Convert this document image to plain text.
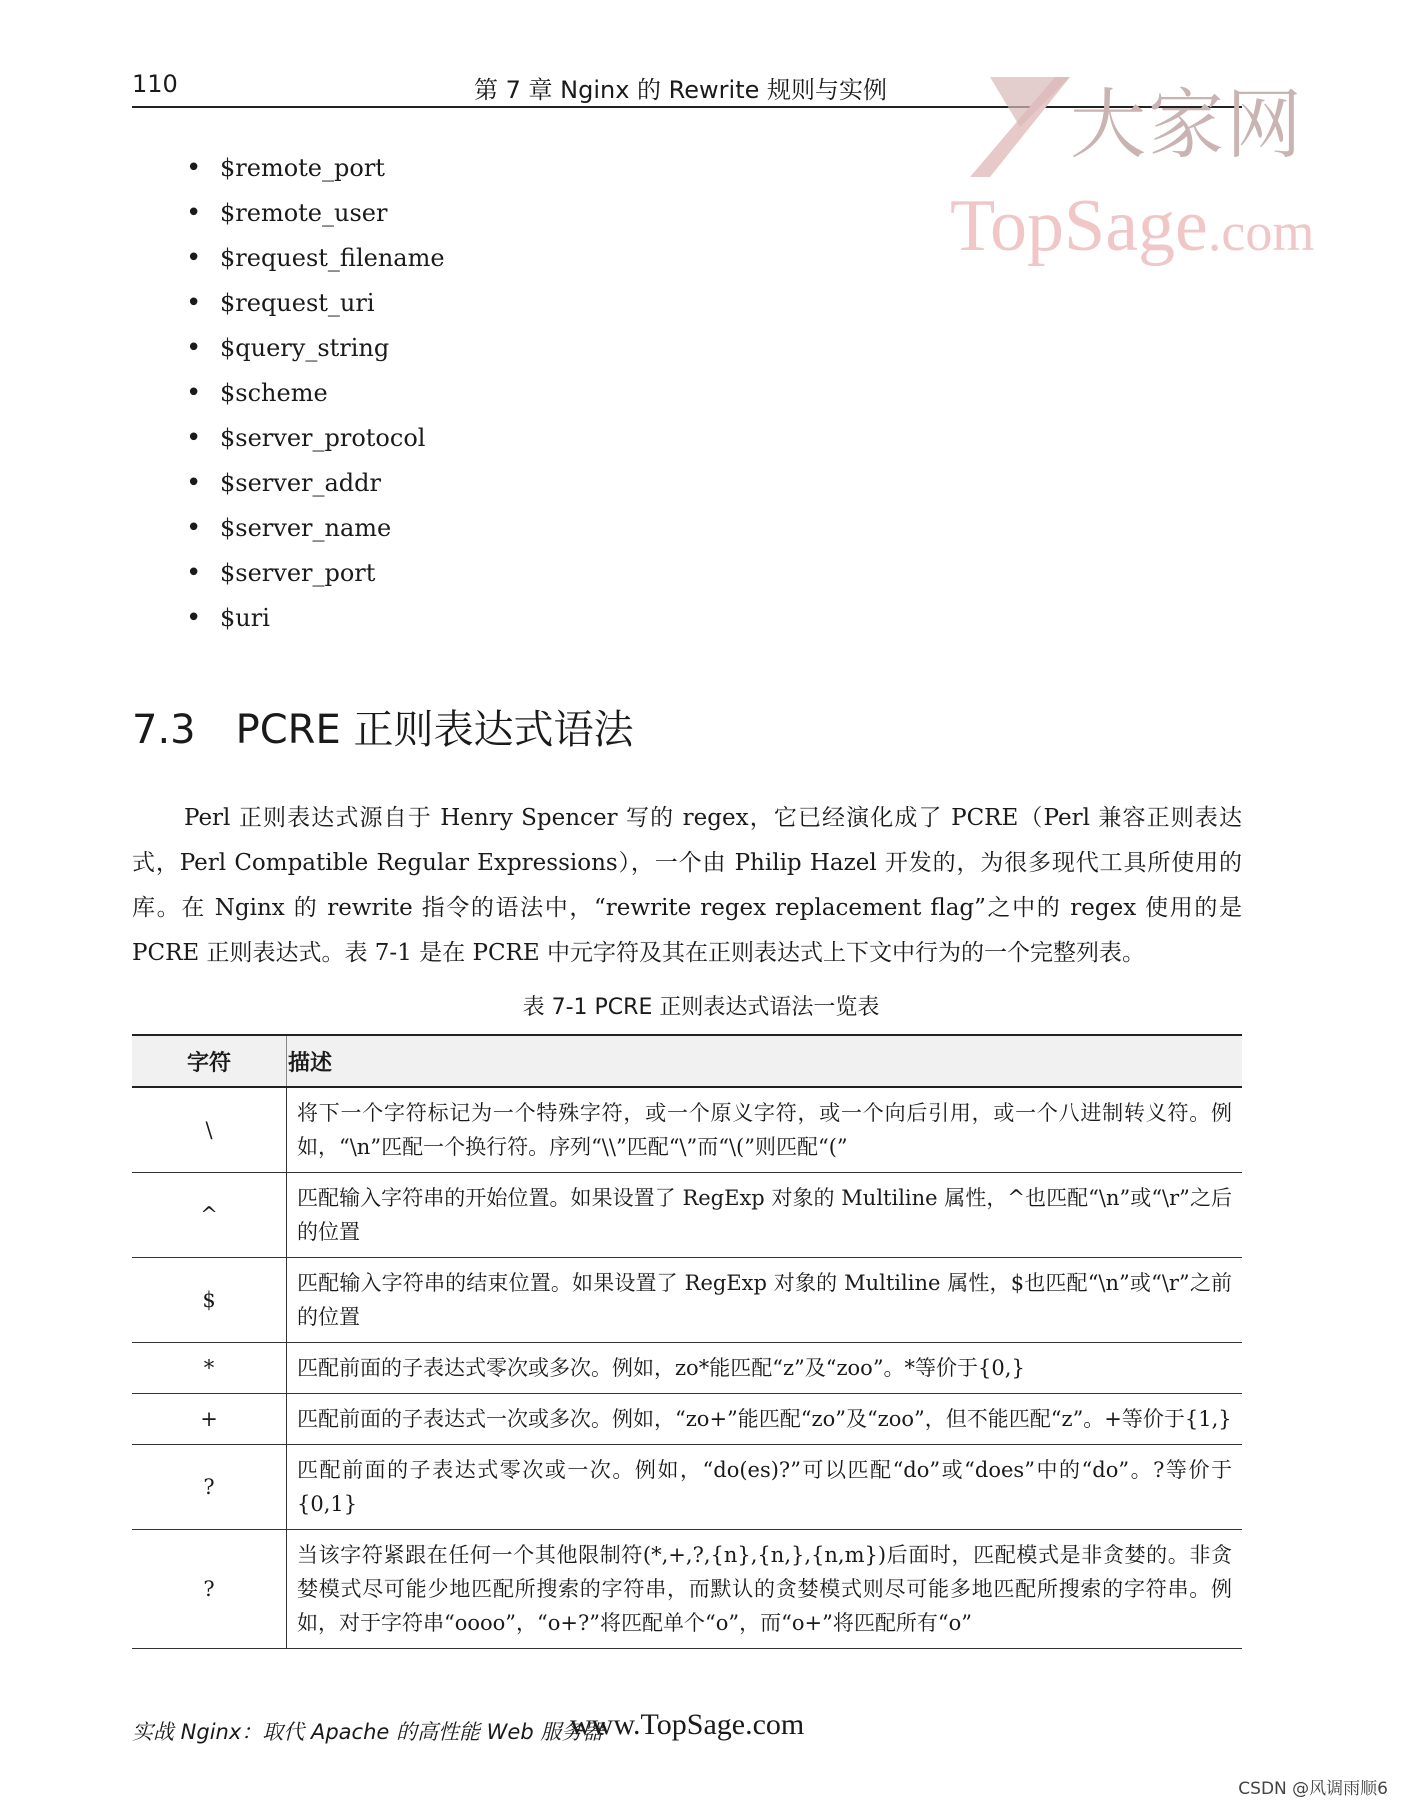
110	第 7 章 Nginx 的 Rewrite 规则与实例 大家网
TopSage.com
• $remote_port
• $remote_user
• $request_filename
• $request_uri
• $query_string
• $scheme
• $server_protocol
• $server_addr
• $server_name
• $server_port
• $uri
7.3 PCRE 正则表达式语法

Perl 正则表达式源自于 Henry Spencer 写的 regex，它已经演化成了 PCRE（Perl 兼容正则表达式，Perl Compatible Regular Expressions），一个由 Philip Hazel 开发的，为很多现代工具所使用的库。在 Nginx 的 rewrite 指令的语法中，“rewrite regex replacement flag”之中的 regex 使用的是 PCRE 正则表达式。表 7-1 是在 PCRE 中元字符及其在正则表达式上下文中行为的一个完整列表。

表 7-1 PCRE 正则表达式语法一览表
字符	描述
\	将下一个字符标记为一个特殊字符，或一个原义字符，或一个向后引用，或一个八进制转义符。例如，“\n”匹配一个换行符。序列“\\”匹配“\”而“\(”则匹配“(”
^	匹配输入字符串的开始位置。如果设置了 RegExp 对象的 Multiline 属性，^也匹配“\n”或“\r”之后的位置
$	匹配输入字符串的结束位置。如果设置了 RegExp 对象的 Multiline 属性，$也匹配“\n”或“\r”之前的位置
*	匹配前面的子表达式零次或多次。例如，zo*能匹配“z”及“zoo”。*等价于{0,}
+	匹配前面的子表达式一次或多次。例如，“zo+”能匹配“zo”及“zoo”，但不能匹配“z”。+等价于{1,}
?	匹配前面的子表达式零次或一次。例如，“do(es)?”可以匹配“do”或“does”中的“do”。?等价于{0,1}
?	当该字符紧跟在任何一个其他限制符(*,+,?,{n},{n,},{n,m})后面时，匹配模式是非贪婪的。非贪婪模式尽可能少地匹配所搜索的字符串，而默认的贪婪模式则尽可能多地匹配所搜索的字符串。例如，对于字符串“oooo”，“o+?”将匹配单个“o”，而“o+”将匹配所有“o”
实战 Nginx：取代 Apache 的高性能 Web 服务器
www.TopSage.com
CSDN @风调雨顺6
